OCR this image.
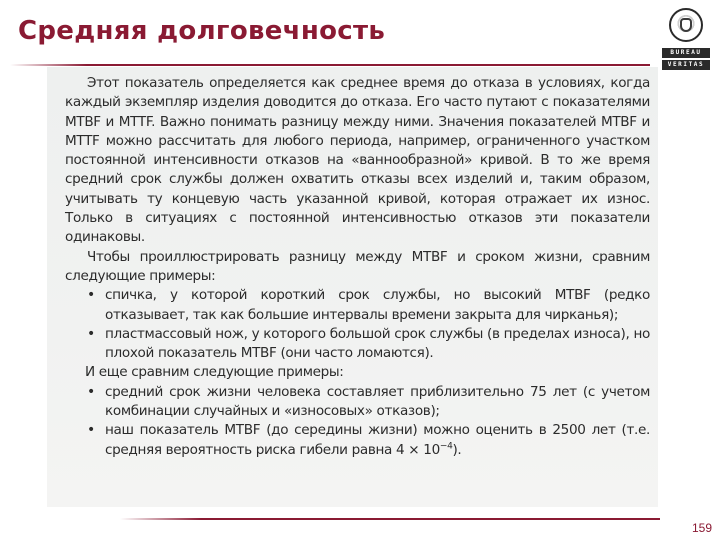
Средняя долговечность
BUREAU
VERITAS

Этот показатель определяется как среднее время до отказа в условиях, когда каждый экземпляр изделия доводится до отказа. Его часто путают с показателями MTBF и MTTF. Важно понимать разницу между ними. Значения показателей MTBF и MTTF можно рассчитать для любого периода, например, ограниченного участком постоянной интенсивности отказов на «ваннообразной» кривой. В то же время средний срок службы должен охватить отказы всех изделий и, таким образом, учитывать ту концевую часть указанной кривой, которая отражает их износ. Только в ситуациях с постоянной интенсивностью отказов эти показатели одинаковы.

Чтобы проиллюстрировать разницу между MTBF и сроком жизни, сравним следующие примеры:

• спичка, у которой короткий срок службы, но высокий MTBF (редко отказывает, так как большие интервалы времени закрыта для чирканья);
• пластмассовый нож, у которого большой срок службы (в пределах износа), но плохой показатель MTBF (они часто ломаются).

И еще сравним следующие примеры:

• средний срок жизни человека составляет приблизительно 75 лет (с учетом комбинации случайных и «износовых» отказов);
• наш показатель MTBF (до середины жизни) можно оценить в 2500 лет (т.е. средняя вероятность риска гибели равна $4 \times 10^{-4}$).
159
